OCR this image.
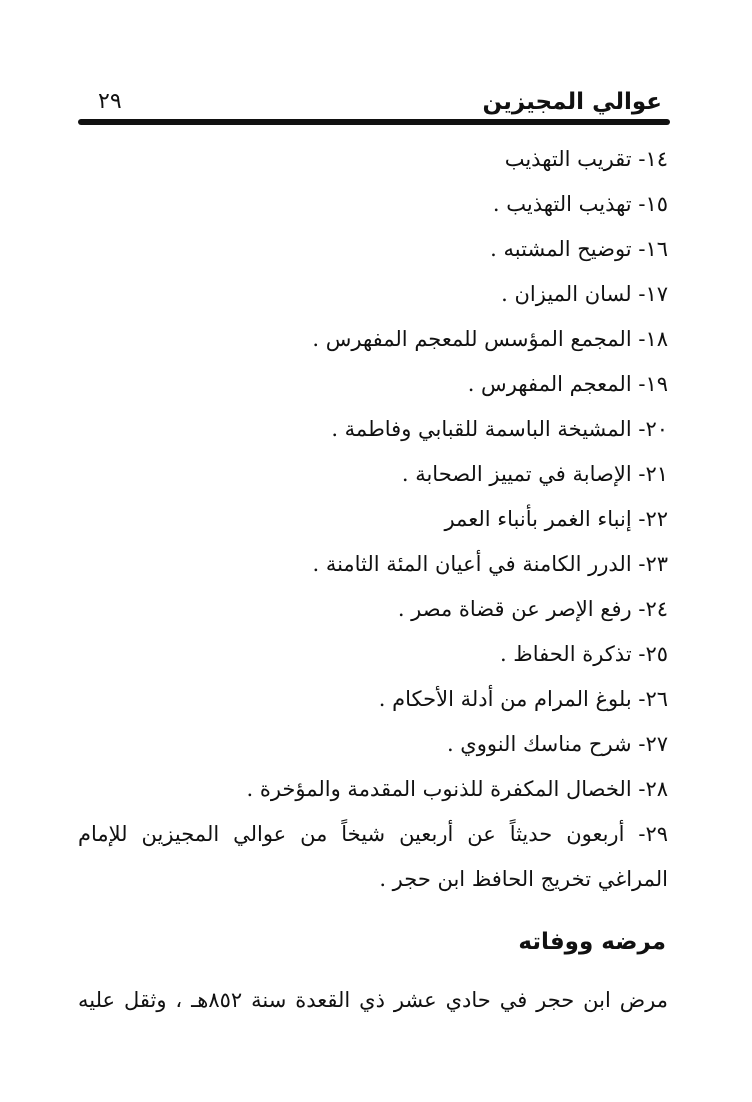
عوالي المجيزين
٢٩
١٤- تقريب التهذيب
١٥- تهذيب التهذيب .
١٦- توضيح المشتبه .
١٧- لسان الميزان .
١٨- المجمع المؤسس للمعجم المفهرس .
١٩- المعجم المفهرس .
٢٠- المشيخة الباسمة للقبابي وفاطمة .
٢١- الإصابة في تمييز الصحابة .
٢٢- إنباء الغمر بأنباء العمر
٢٣- الدرر الكامنة في أعيان المئة الثامنة .
٢٤- رفع الإصر عن قضاة مصر .
٢٥- تذكرة الحفاظ .
٢٦- بلوغ المرام من أدلة الأحكام .
٢٧- شرح مناسك النووي .
٢٨- الخصال المكفرة للذنوب المقدمة والمؤخرة .
٢٩- أربعون حديثاً عن أربعين شيخاً من عوالي المجيزين للإمام المراغي تخريج الحافظ ابن حجر .
مرضه ووفاته

مرض ابن حجر في حادي عشر ذي القعدة سنة ٨٥٢هـ ، وثقل عليه
